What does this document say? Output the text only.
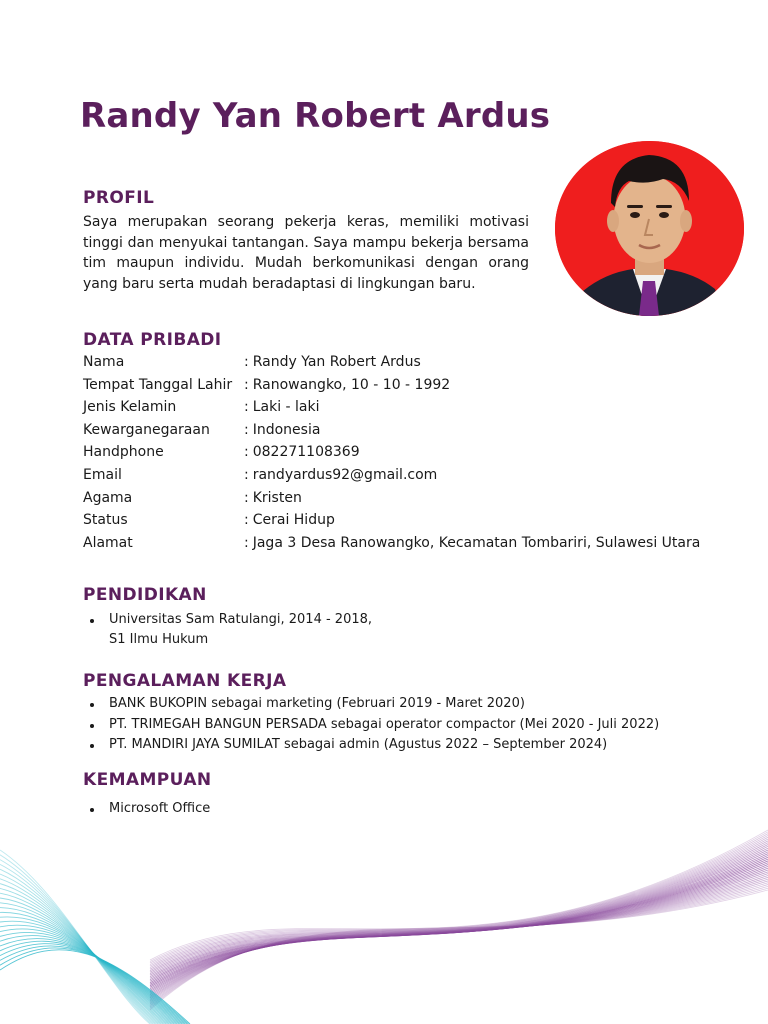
Randy Yan Robert Ardus
PROFIL

Saya merupakan seorang pekerja keras, memiliki motivasi tinggi dan menyukai tantangan. Saya mampu bekerja bersama tim maupun individu. Mudah berkomunikasi dengan orang yang baru serta mudah beradaptasi di lingkungan baru.

DATA PRIBADI
Nama	: Randy Yan Robert Ardus
Tempat Tanggal Lahir : Ranowangko, 10 - 10 - 1992
Jenis Kelamin	: Laki - laki
Kewarganegaraan : Indonesia
Handphone	: 082271108369
Email	: randyardus92@gmail.com
Agama	: Kristen
Status	: Cerai Hidup
Alamat	: Jaga 3 Desa Ranowangko, Kecamatan Tombariri, Sulawesi Utara
PENDIDIKAN
Universitas Sam Ratulangi, 2014 - 2018,
S1 Ilmu Hukum
PENGALAMAN KERJA
BANK BUKOPIN sebagai marketing (Februari 2019 - Maret 2020)
PT. TRIMEGAH BANGUN PERSADA sebagai operator compactor (Mei 2020 - Juli 2022)
PT. MANDIRI JAYA SUMILAT sebagai admin (Agustus 2022 – September 2024)
KEMAMPUAN
Microsoft Office
